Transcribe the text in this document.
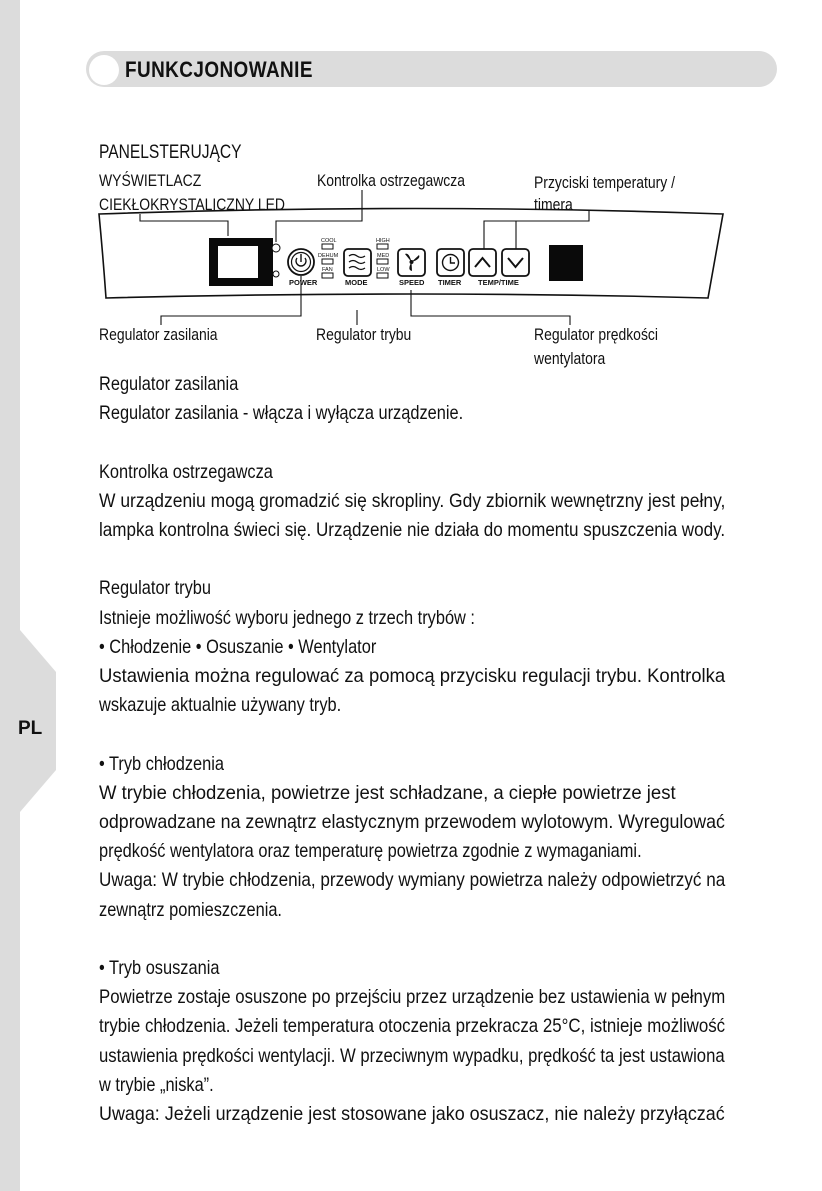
PL
FUNKCJONOWANIE
POWER	MODE	SPEED TIMER TEMP/TIME
COOL
DEHUM
FAN
HIGH
MED
LOW
PANELSTERUJĄCY
WYŚWIETLACZ
CIEKŁOKRYSTALICZNY LED
Kontrolka ostrzegawcza	Przyciski temperatury /
timera
Regulator zasilania	Regulator trybu	Regulator prędkości
wentylatora

Regulator zasilania

Regulator zasilania - włącza i wyłącza urządzenie.

Kontrolka ostrzegawcza

W urządzeniu mogą gromadzić się skropliny. Gdy zbiornik wewnętrzny jest pełny,

lampka kontrolna świeci się. Urządzenie nie działa do momentu spuszczenia wody.

Regulator trybu

Istnieje możliwość wyboru jednego z trzech trybów :

• Chłodzenie • Osuszanie • Wentylator

Ustawienia można regulować za pomocą przycisku regulacji trybu. Kontrolka

wskazuje aktualnie używany tryb.

• Tryb chłodzenia

W trybie chłodzenia, powietrze jest schładzane, a ciepłe powietrze jest

odprowadzane na zewnątrz elastycznym przewodem wylotowym. Wyregulować

prędkość wentylatora oraz temperaturę powietrza zgodnie z wymaganiami.

Uwaga: W trybie chłodzenia, przewody wymiany powietrza należy odpowietrzyć na

zewnątrz pomieszczenia.

• Tryb osuszania

Powietrze zostaje osuszone po przejściu przez urządzenie bez ustawienia w pełnym

trybie chłodzenia. Jeżeli temperatura otoczenia przekracza 25°C, istnieje możliwość

ustawienia prędkości wentylacji. W przeciwnym wypadku, prędkość ta jest ustawiona

w trybie „niska”.

Uwaga: Jeżeli urządzenie jest stosowane jako osuszacz, nie należy przyłączać
